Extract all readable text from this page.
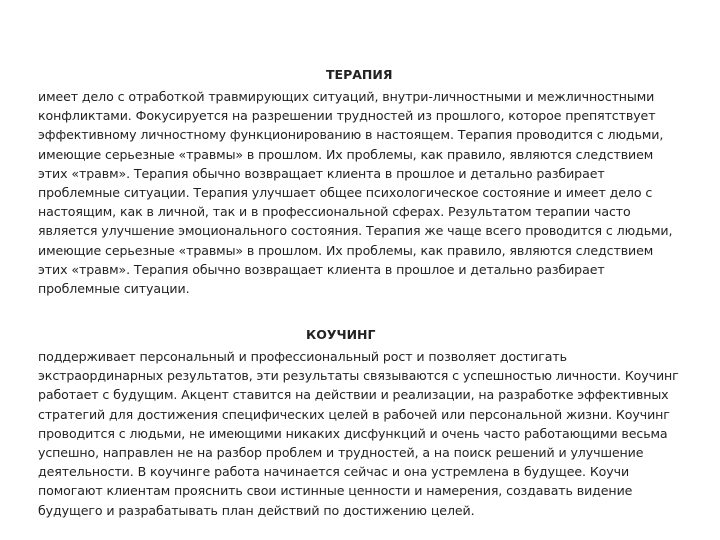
ТЕРАПИЯ
имеет дело с отработкой травмирующих ситуаций, внутри-личностными и межличностными
конфликтами. Фокусируется на разрешении трудностей из прошлого, которое препятствует
эффективному личностному функционированию в настоящем. Терапия проводится с людьми,
имеющие серьезные «травмы» в прошлом. Их проблемы, как правило, являются следствием
этих «травм». Терапия обычно возвращает клиента в прошлое и детально разбирает
проблемные ситуации. Терапия улучшает общее психологическое состояние и имеет дело с
настоящим, как в личной, так и в профессиональной сферах. Результатом терапии часто
является улучшение эмоционального состояния. Терапия же чаще всего проводится с людьми,
имеющие серьезные «травмы» в прошлом. Их проблемы, как правило, являются следствием
этих «травм». Терапия обычно возвращает клиента в прошлое и детально разбирает
проблемные ситуации.
КОУЧИНГ
поддерживает персональный и профессиональный рост и позволяет достигать
экстраординарных результатов, эти результаты связываются с успешностью личности. Коучинг
работает с будущим. Акцент ставится на действии и реализации, на разработке эффективных
стратегий для достижения специфических целей в рабочей или персональной жизни. Коучинг
проводится с людьми, не имеющими никаких дисфункций и очень часто работающими весьма
успешно, направлен не на разбор проблем и трудностей, а на поиск решений и улучшение
деятельности. В коучинге работа начинается сейчас и она устремлена в будущее. Коучи
помогают клиентам прояснить свои истинные ценности и намерения, создавать видение
будущего и разрабатывать план действий по достижению целей.
